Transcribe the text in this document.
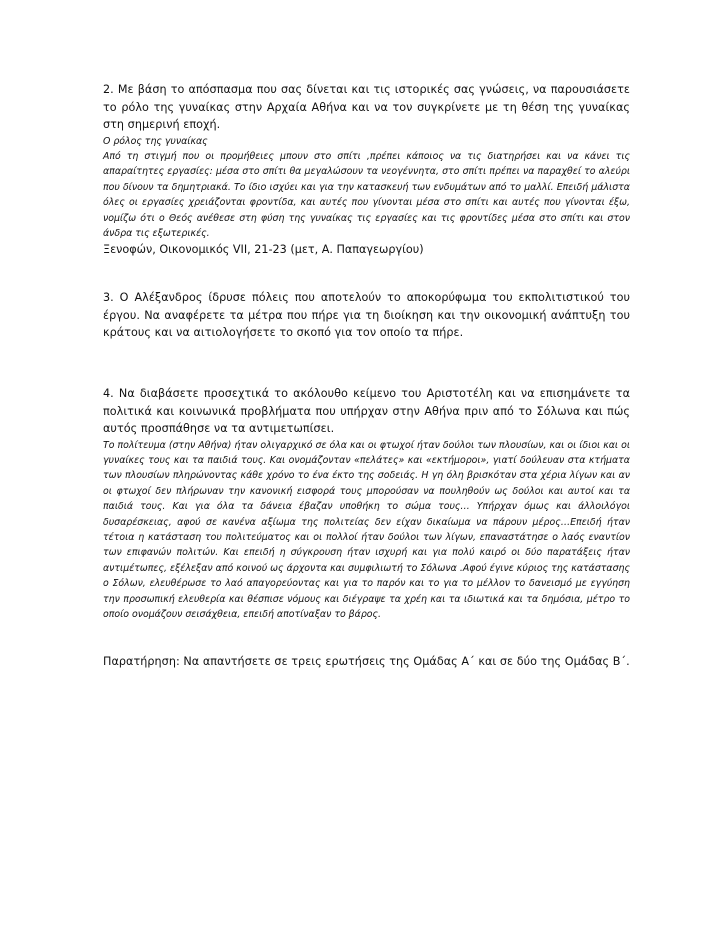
2. Με βάση το απόσπασμα που σας δίνεται και τις ιστορικές σας γνώσεις, να παρουσιάσετε το ρόλο της γυναίκας στην Αρχαία Αθήνα και να τον συγκρίνετε με τη θέση της γυναίκας στη σημερινή εποχή.

Ο ρόλος της γυναίκας

Από τη στιγμή που οι προμήθειες μπουν στο σπίτι ,πρέπει κάποιος να τις διατηρήσει και να κάνει τις απαραίτητες εργασίες: μέσα στο σπίτι θα μεγαλώσουν τα νεογέννητα, στο σπίτι πρέπει να παραχθεί το αλεύρι που δίνουν τα δημητριακά. Το ίδιο ισχύει και για την κατασκευή των ενδυμάτων από το μαλλί. Επειδή μάλιστα όλες οι εργασίες χρειάζονται φροντίδα, και αυτές που γίνονται μέσα στο σπίτι και αυτές που γίνονται έξω, νομίζω ότι ο Θεός ανέθεσε στη φύση της γυναίκας τις εργασίες και τις φροντίδες μέσα στο σπίτι και στον άνδρα τις εξωτερικές.

Ξενοφών, Οικονομικός VII, 21-23 (μετ, Α. Παπαγεωργίου)

3. Ο Αλέξανδρος ίδρυσε πόλεις που αποτελούν το αποκορύφωμα του εκπολιτιστικού του έργου. Να αναφέρετε τα μέτρα που πήρε για τη διοίκηση και την οικονομική ανάπτυξη του κράτους και να αιτιολογήσετε το σκοπό για τον οποίο τα πήρε.

4. Να διαβάσετε προσεχτικά το ακόλουθο κείμενο του Αριστοτέλη και να επισημάνετε τα πολιτικά και κοινωνικά προβλήματα που υπήρχαν στην Αθήνα πριν από το Σόλωνα και πώς αυτός προσπάθησε να τα αντιμετωπίσει.

Το πολίτευμα (στην Αθήνα) ήταν ολιγαρχικό σε όλα και οι φτωχοί ήταν δούλοι των πλουσίων, και οι ίδιοι και οι γυναίκες τους και τα παιδιά τους. Και ονομάζονταν «πελάτες» και «εκτήμοροι», γιατί δούλευαν στα κτήματα των πλουσίων πληρώνοντας κάθε χρόνο το ένα έκτο της σοδειάς. Η γη όλη βρισκόταν στα χέρια λίγων και αν οι φτωχοί δεν πλήρωναν την κανονική εισφορά τους μπορούσαν να πουληθούν ως δούλοι και αυτοί και τα παιδιά τους. Και για όλα τα δάνεια έβαζαν υποθήκη το σώμα τους… Υπήρχαν όμως και άλλοιλόγοι δυσαρέσκειας, αφού σε κανένα αξίωμα της πολιτείας δεν είχαν δικαίωμα να πάρουν μέρος…Επειδή ήταν τέτοια η κατάσταση του πολιτεύματος και οι πολλοί ήταν δούλοι των λίγων, επαναστάτησε ο λαός εναντίον των επιφανών πολιτών. Και επειδή η σύγκρουση ήταν ισχυρή και για πολύ καιρό οι δύο παρατάξεις ήταν αντιμέτωπες, εξέλεξαν από κοινού ως άρχοντα και συμφιλιωτή το Σόλωνα .Αφού έγινε κύριος της κατάστασης ο Σόλων, ελευθέρωσε το λαό απαγορεύοντας και για το παρόν και το για το μέλλον το δανεισμό με εγγύηση την προσωπική ελευθερία και θέσπισε νόμους και διέγραψε τα χρέη και τα ιδιωτικά και τα δημόσια, μέτρο το οποίο ονομάζουν σεισάχθεια, επειδή αποτίναξαν το βάρος.

Παρατήρηση: Να απαντήσετε σε τρεις ερωτήσεις της Ομάδας Α΄ και σε δύο της Ομάδας Β΄.
